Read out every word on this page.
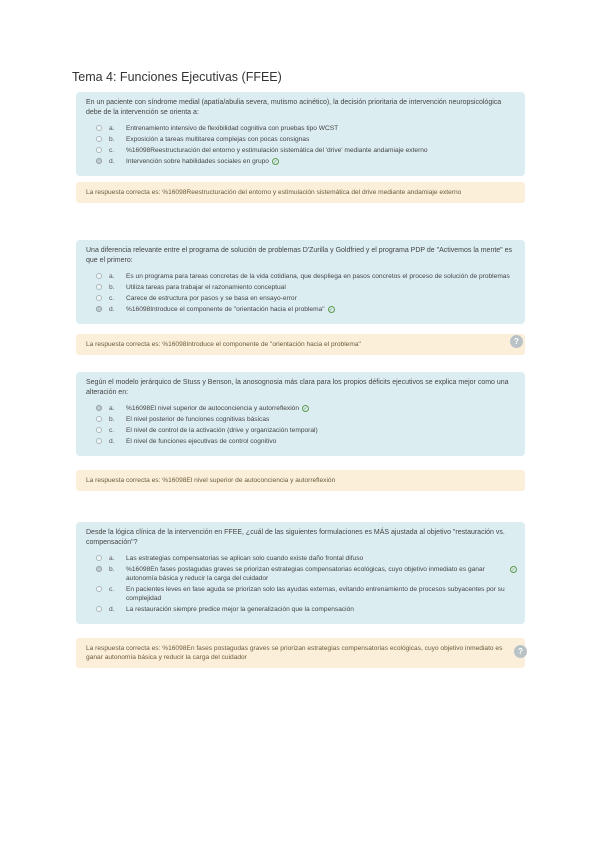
Tema 4: Funciones Ejecutivas (FFEE)

En un paciente con síndrome medial (apatía/abulia severa, mutismo acinético), la decisión prioritaria de intervención neuropsicológica debe de la intervención se orienta a:

a. Entrenamiento intensivo de flexibilidad cognitiva con pruebas tipo WCST
b. Exposición a tareas multitarea complejas con pocas consignas
c. %16098Reestructuración del entorno y estimulación sistemática del 'drive' mediante andamiaje externo
d. Intervención sobre habilidades sociales en grupo ✓
La respuesta correcta es: %16098Reestructuración del entorno y estimulación sistemática del drive mediante andamiaje externo

Una diferencia relevante entre el programa de solución de problemas D'Zurilla y Goldfried y el programa PDP de "Activemos la mente" es que el primero:

a. Es un programa para tareas concretas de la vida cotidiana, que despliega en pasos concretos el proceso de solución de problemas
b. Utiliza tareas para trabajar el razonamiento conceptual
c. Carece de estructura por pasos y se basa en ensayo-error
d. %16098Introduce el componente de "orientación hacia el problema" ✓
La respuesta correcta es: %16098Introduce el componente de "orientación hacia el problema"	?

Según el modelo jerárquico de Stuss y Benson, la anosognosia más clara para los propios déficits ejecutivos se explica mejor como una alteración en:

a. %16098El nivel superior de autoconciencia y autorreflexión ✓
b. El nivel posterior de funciones cognitivas básicas
c. El nivel de control de la activación (drive y organización temporal)
d. El nivel de funciones ejecutivas de control cognitivo
La respuesta correcta es: %16098El nivel superior de autoconciencia y autorreflexión

Desde la lógica clínica de la intervención en FFEE, ¿cuál de las siguientes formulaciones es MÁS ajustada al objetivo "restauración vs. compensación"?

a. Las estrategias compensatorias se aplican solo cuando existe daño frontal difuso
b. %16098En fases postagudas graves se priorizan estrategias compensatorias ecológicas, cuyo objetivo inmediato es ganar autonomía básica y reducir la carga del cuidador
✓
c. En pacientes leves en fase aguda se priorizan solo las ayudas externas, evitando entrenamiento de procesos subyacentes por su complejidad
d. La restauración siempre predice mejor la generalización que la compensación
La respuesta correcta es: %16098En fases postagudas graves se priorizan estrategias compensatorias ecológicas, cuyo objetivo inmediato es ganar autonomía básica y reducir la carga del cuidador
?
